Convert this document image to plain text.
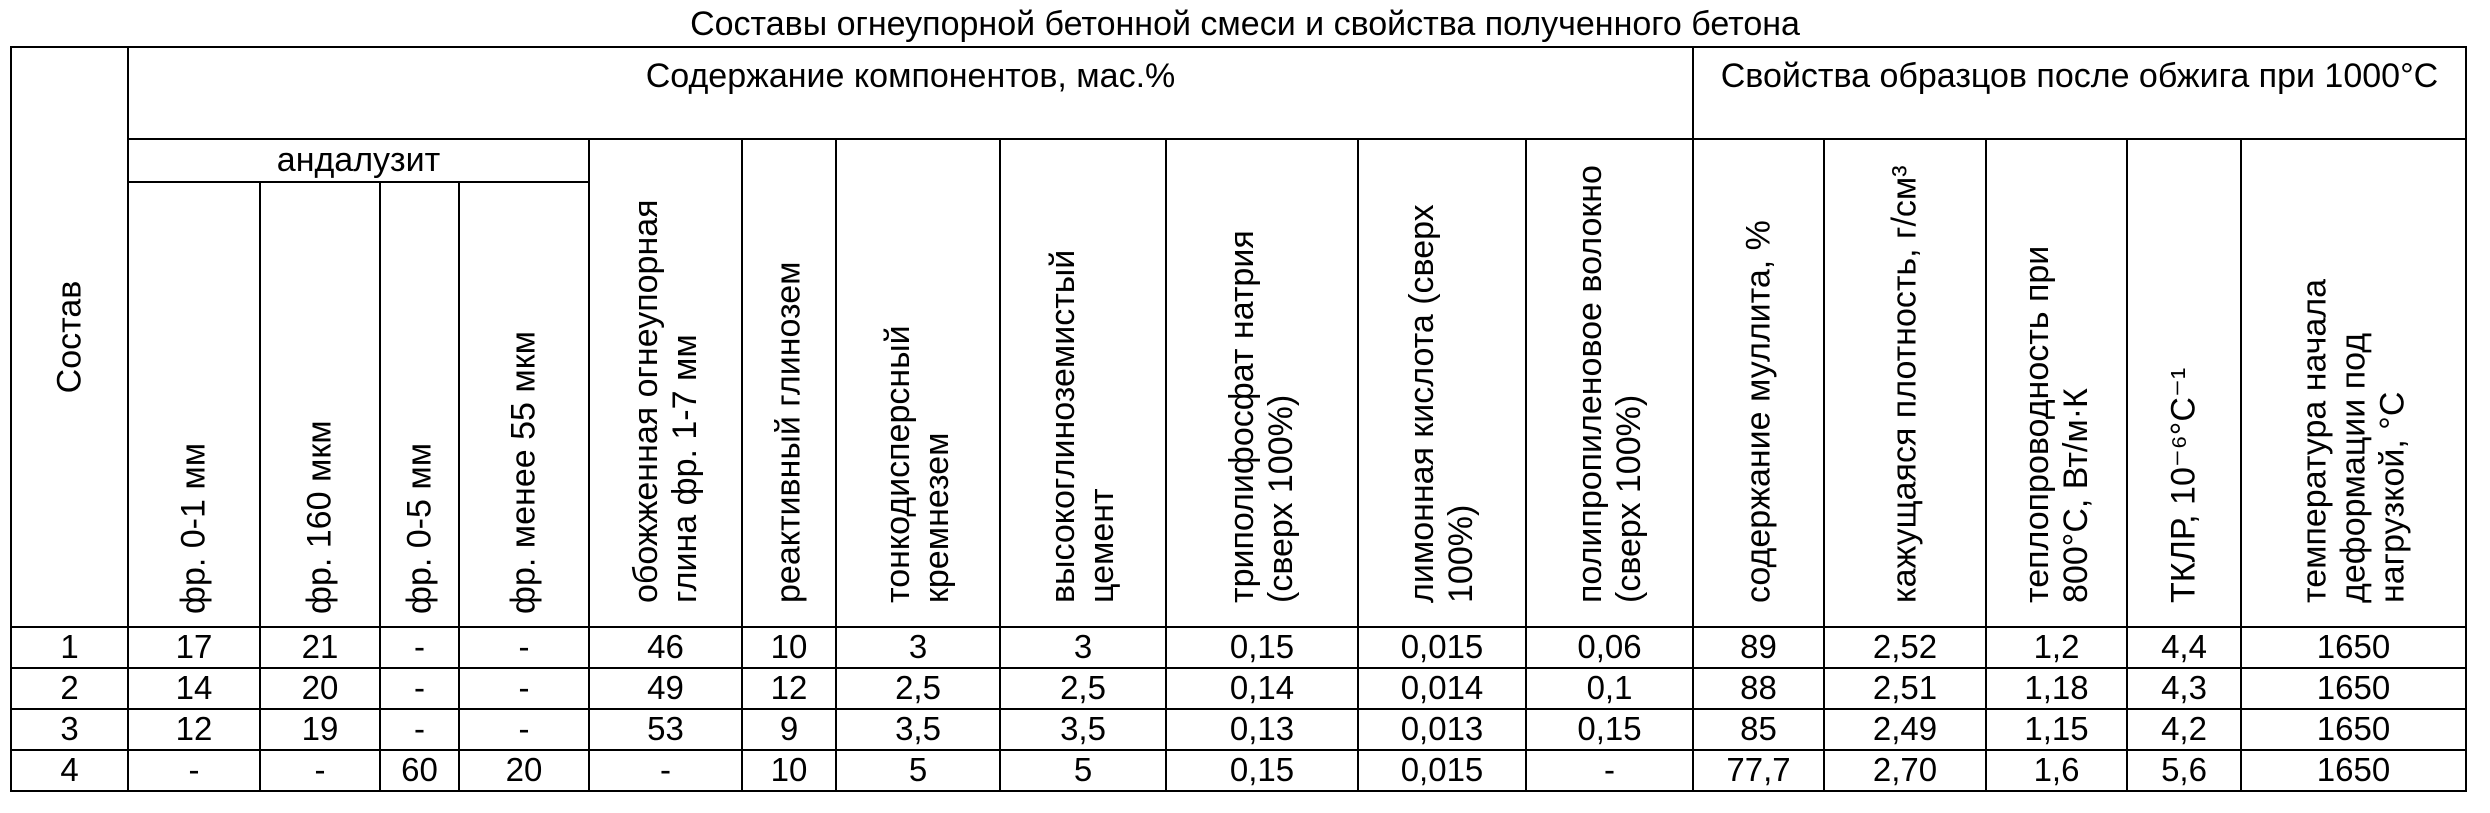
Составы огнеупорной бетонной смеси и свойства полученного бетона
Состав	Содержание компонентов, мас.%											Свойства образцов после обжига при 1000°С				
	андалузит				обожженная огнеупорная глина фр. 1-7 мм	реактивный глинозем	тонкодисперсный кремнезем	высокоглиноземистый цемент	триполифосфат натрия (сверх 100%)	лимонная кислота (сверх 100%)	полипропиленовое волокно (сверх 100%)	содержание муллита, %	кажущаяся плотность, г/см³	теплопроводность при 800°С, Вт/м·К	ТКЛР, 10⁻⁶°С⁻¹	температура начала деформации под нагрузкой, °С

	фр. 0-1 мм	фр. 160 мкм	фр. 0-5 мм	фр. менее 55 мкм												

1	17	21	-	-	46	10	3	3	0,15	0,015	0,06	89	2,52	1,2	4,4	1650
2	14	20	-	-	49	12	2,5	2,5	0,14	0,014	0,1	88	2,51	1,18	4,3	1650
3	12	19	-	-	53	9	3,5	3,5	0,13	0,013	0,15	85	2,49	1,15	4,2	1650
4	-	-	60	20	-	10	5	5	0,15	0,015	-	77,7	2,70	1,6	5,6	1650
